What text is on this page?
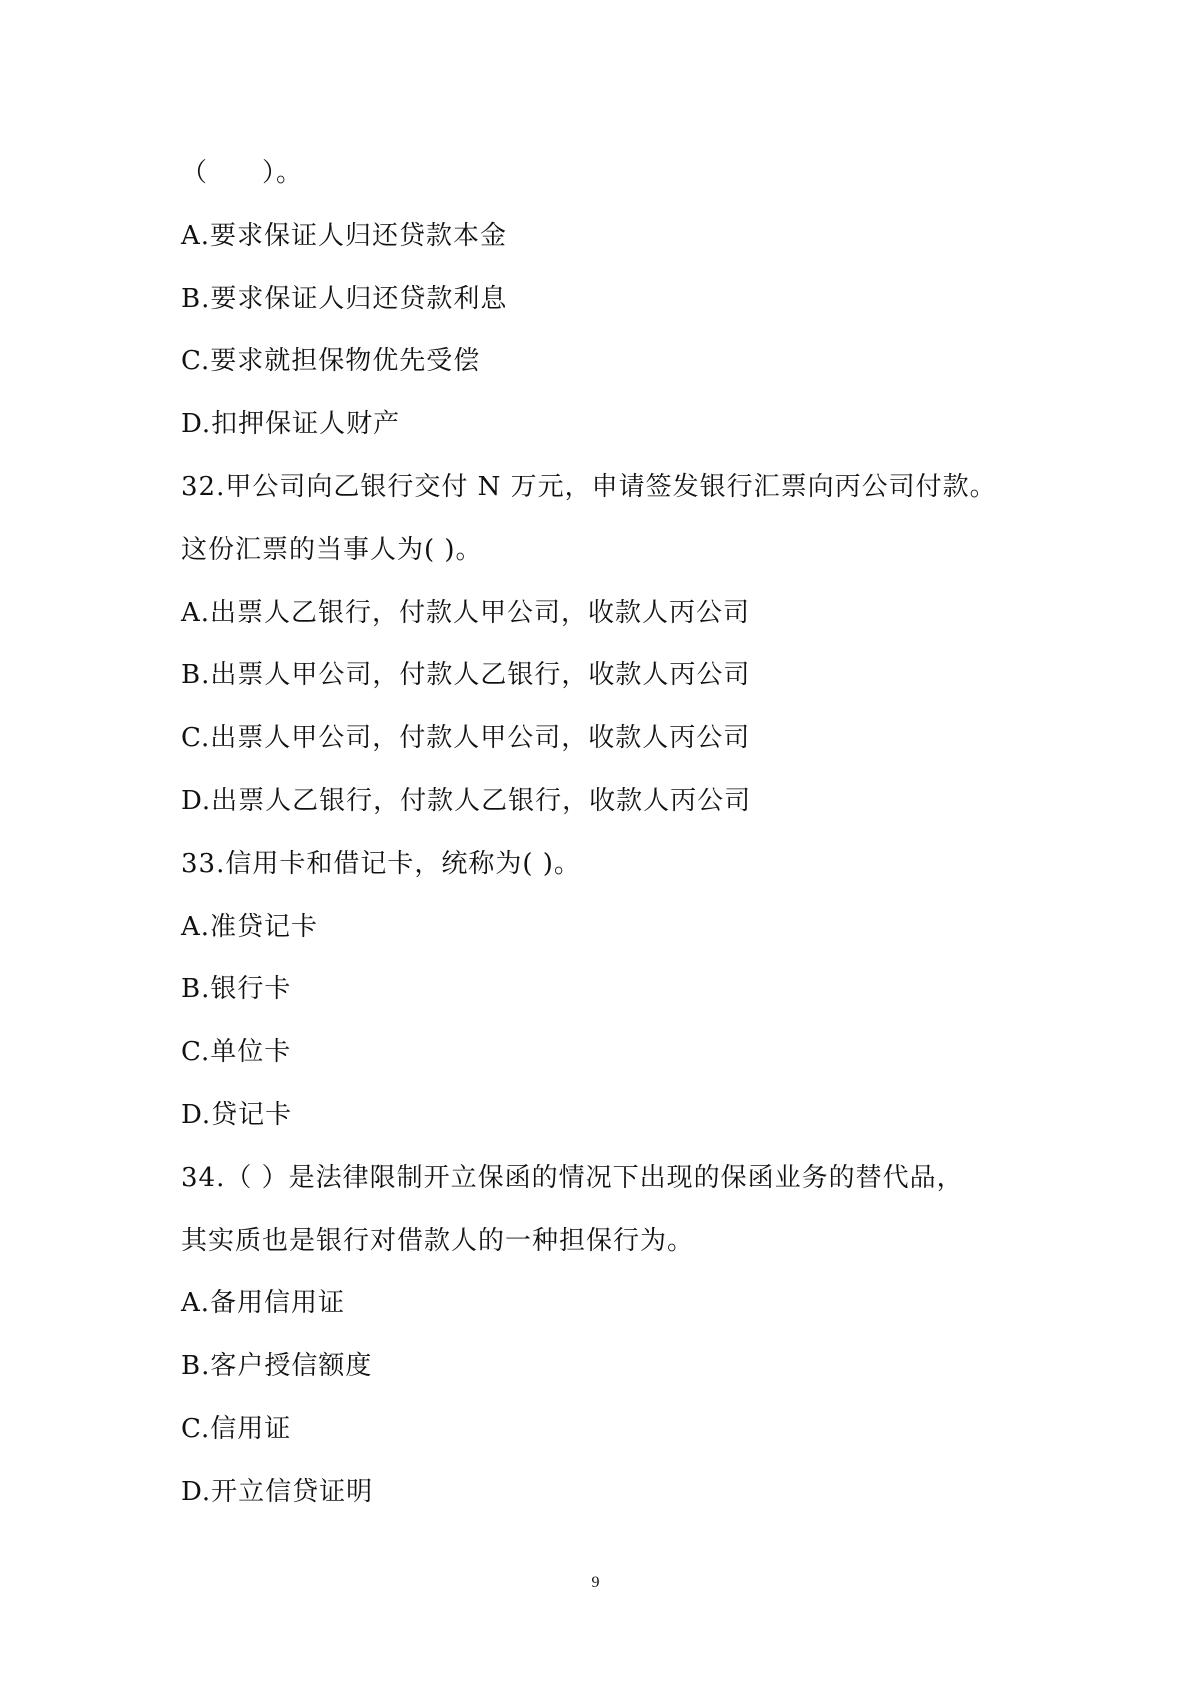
（　　）。
A.要求保证人归还贷款本金
B.要求保证人归还贷款利息
C.要求就担保物优先受偿
D.扣押保证人财产
32.甲公司向乙银行交付 N 万元，申请签发银行汇票向丙公司付款。
这份汇票的当事人为( )。
A.出票人乙银行，付款人甲公司，收款人丙公司
B.出票人甲公司，付款人乙银行，收款人丙公司
C.出票人甲公司，付款人甲公司，收款人丙公司
D.出票人乙银行，付款人乙银行，收款人丙公司
33.信用卡和借记卡，统称为( )。
A.准贷记卡
B.银行卡
C.单位卡
D.贷记卡
34.（ ）是法律限制开立保函的情况下出现的保函业务的替代品，
其实质也是银行对借款人的一种担保行为。
A.备用信用证
B.客户授信额度
C.信用证
D.开立信贷证明
9
